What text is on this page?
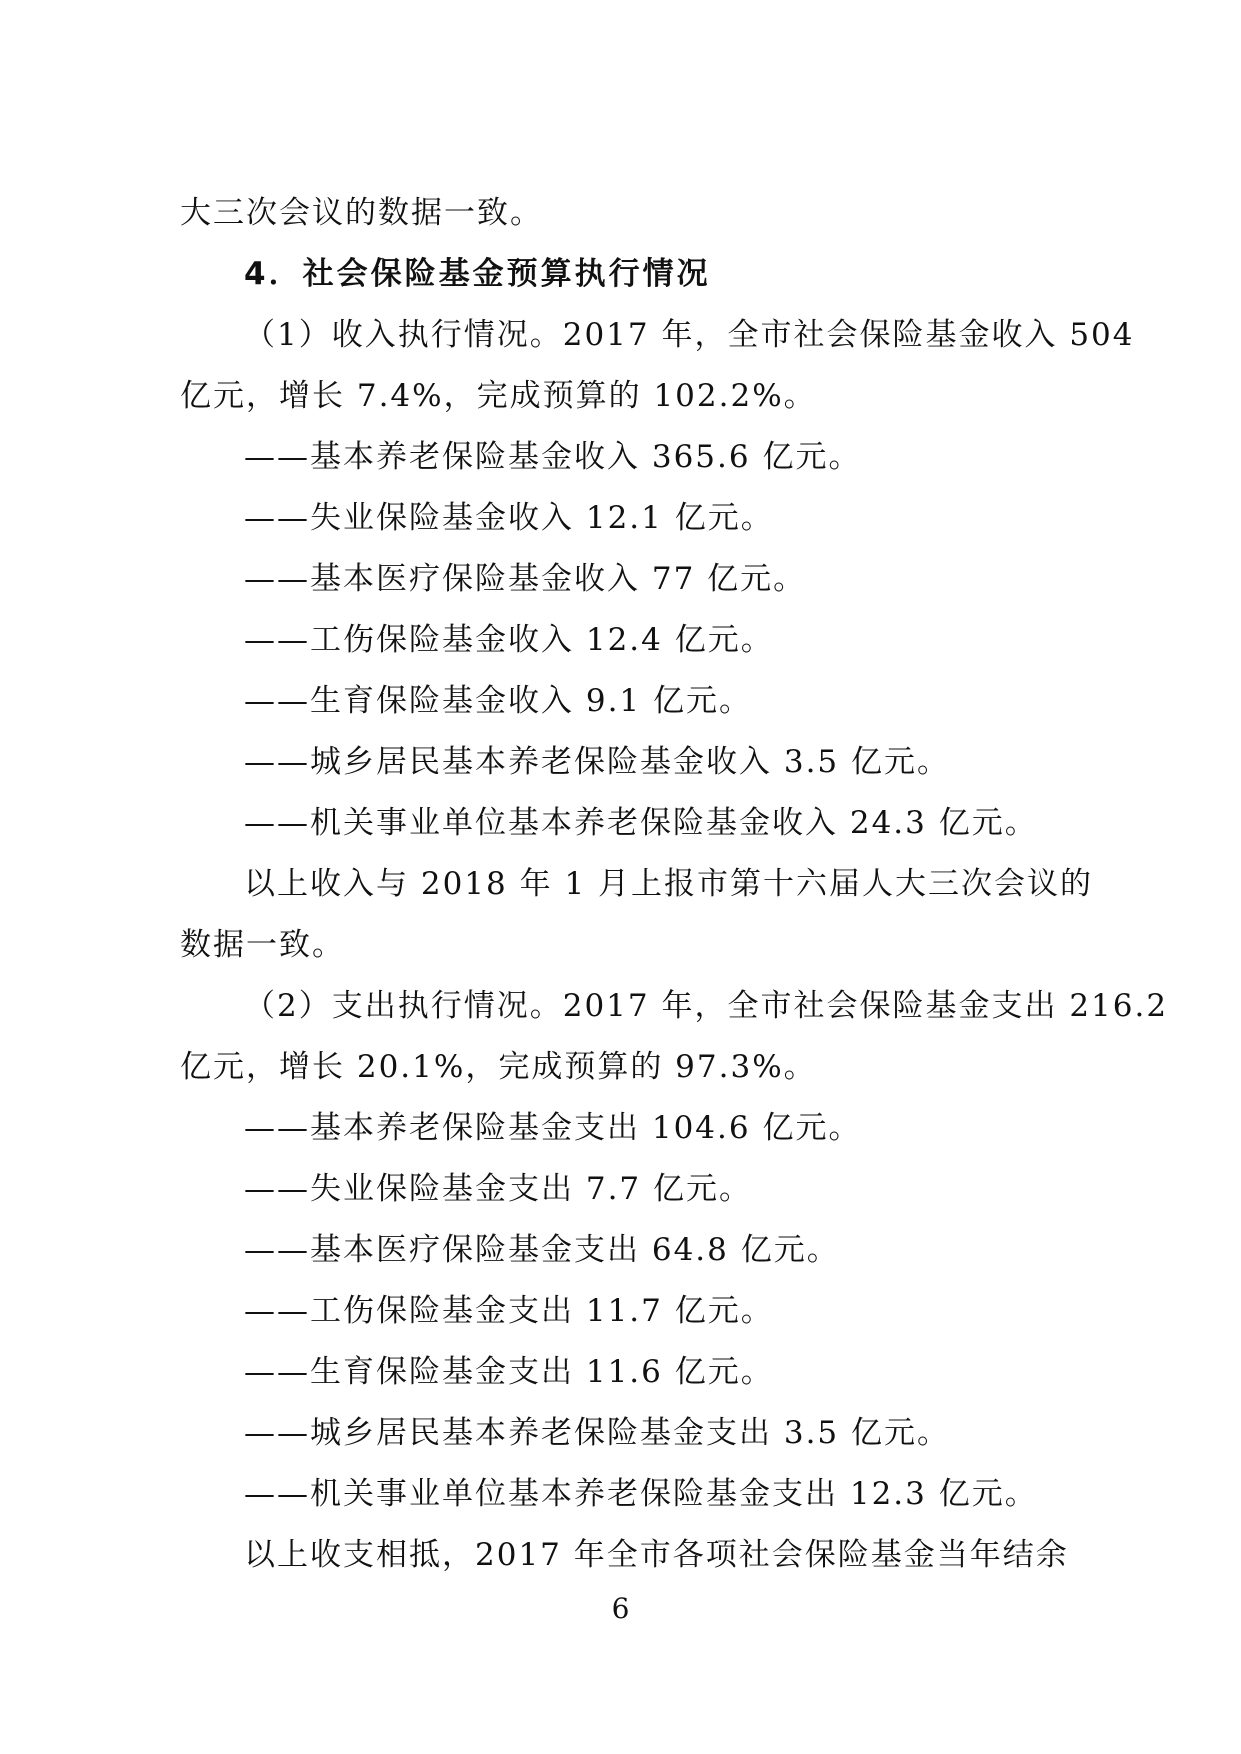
大三次会议的数据一致。
4．社会保险基金预算执行情况
（1）收入执行情况。2017 年，全市社会保险基金收入 504
亿元，增长 7.4%，完成预算的 102.2%。
——基本养老保险基金收入 365.6 亿元。
——失业保险基金收入 12.1 亿元。
——基本医疗保险基金收入 77 亿元。
——工伤保险基金收入 12.4 亿元。
——生育保险基金收入 9.1 亿元。
——城乡居民基本养老保险基金收入 3.5 亿元。
——机关事业单位基本养老保险基金收入 24.3 亿元。
以上收入与 2018 年 1 月上报市第十六届人大三次会议的
数据一致。
（2）支出执行情况。2017 年，全市社会保险基金支出 216.2
亿元，增长 20.1%，完成预算的 97.3%。
——基本养老保险基金支出 104.6 亿元。
——失业保险基金支出 7.7 亿元。
——基本医疗保险基金支出 64.8 亿元。
——工伤保险基金支出 11.7 亿元。
——生育保险基金支出 11.6 亿元。
——城乡居民基本养老保险基金支出 3.5 亿元。
——机关事业单位基本养老保险基金支出 12.3 亿元。
以上收支相抵，2017 年全市各项社会保险基金当年结余
6
